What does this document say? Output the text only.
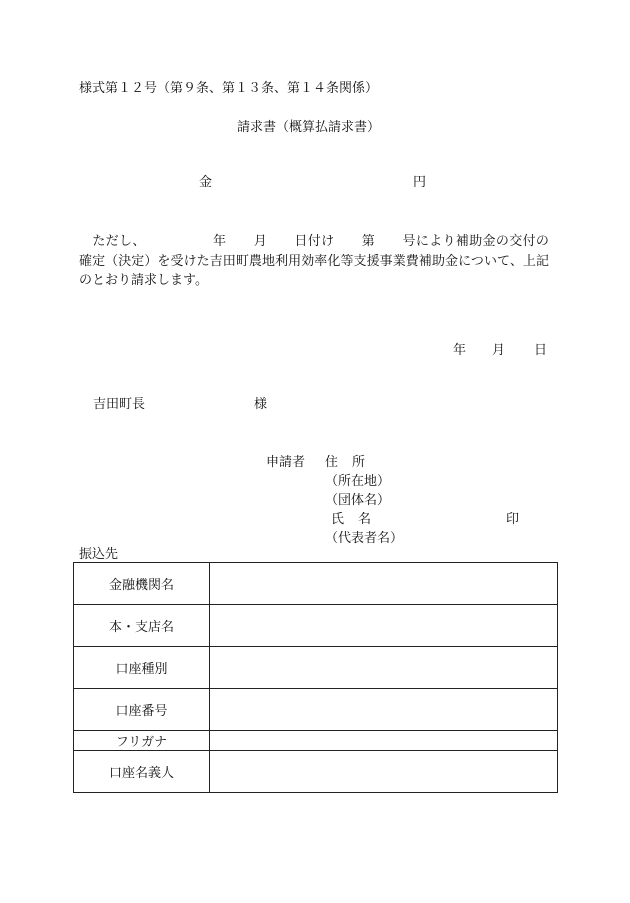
様式第１２号（第９条、第１３条、第１４条関係）
請求書（概算払請求書）
金	円
ただし、	年 月 日付け 第 号により補助金の交付の確定（決定）を受けた吉田町農地利用効率化等支援事業費補助金について、上記のとおり請求します。
年 月 日
吉田町長	様
申請者 住 所
（所在地）
（団体名）
氏 名	印
（代表者名）
振込先
金融機関名	
本・支店名	
口座種別	
口座番号	
フリガナ	
口座名義人	
